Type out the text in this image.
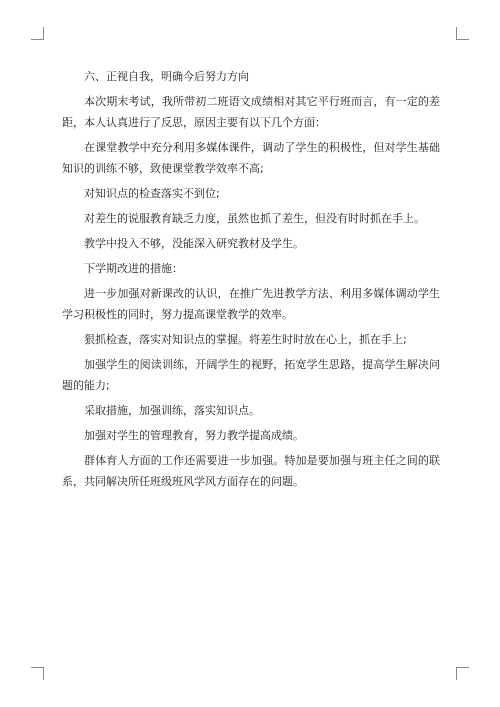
六、正视自我，明确今后努力方向

本次期末考试，我所带初二班语文成绩相对其它平行班而言，有一定的差距，本人认真进行了反思，原因主要有以下几个方面：

在课堂教学中充分利用多媒体课件，调动了学生的积极性，但对学生基础知识的训练不够，致使课堂教学效率不高;

对知识点的检查落实不到位;

对差生的说服教育缺乏力度，虽然也抓了差生，但没有时时抓在手上。

教学中投入不够，没能深入研究教材及学生。

下学期改进的措施：

进一步加强对新课改的认识，在推广先进教学方法、利用多媒体调动学生学习积极性的同时，努力提高课堂教学的效率。

狠抓检查，落实对知识点的掌握。将差生时时放在心上，抓在手上;

加强学生的阅读训练，开阔学生的视野，拓宽学生思路，提高学生解决问题的能力;

采取措施，加强训练，落实知识点。

加强对学生的管理教育，努力教学提高成绩。

群体育人方面的工作还需要进一步加强。特加是要加强与班主任之间的联系，共同解决所任班级班风学风方面存在的问题。
